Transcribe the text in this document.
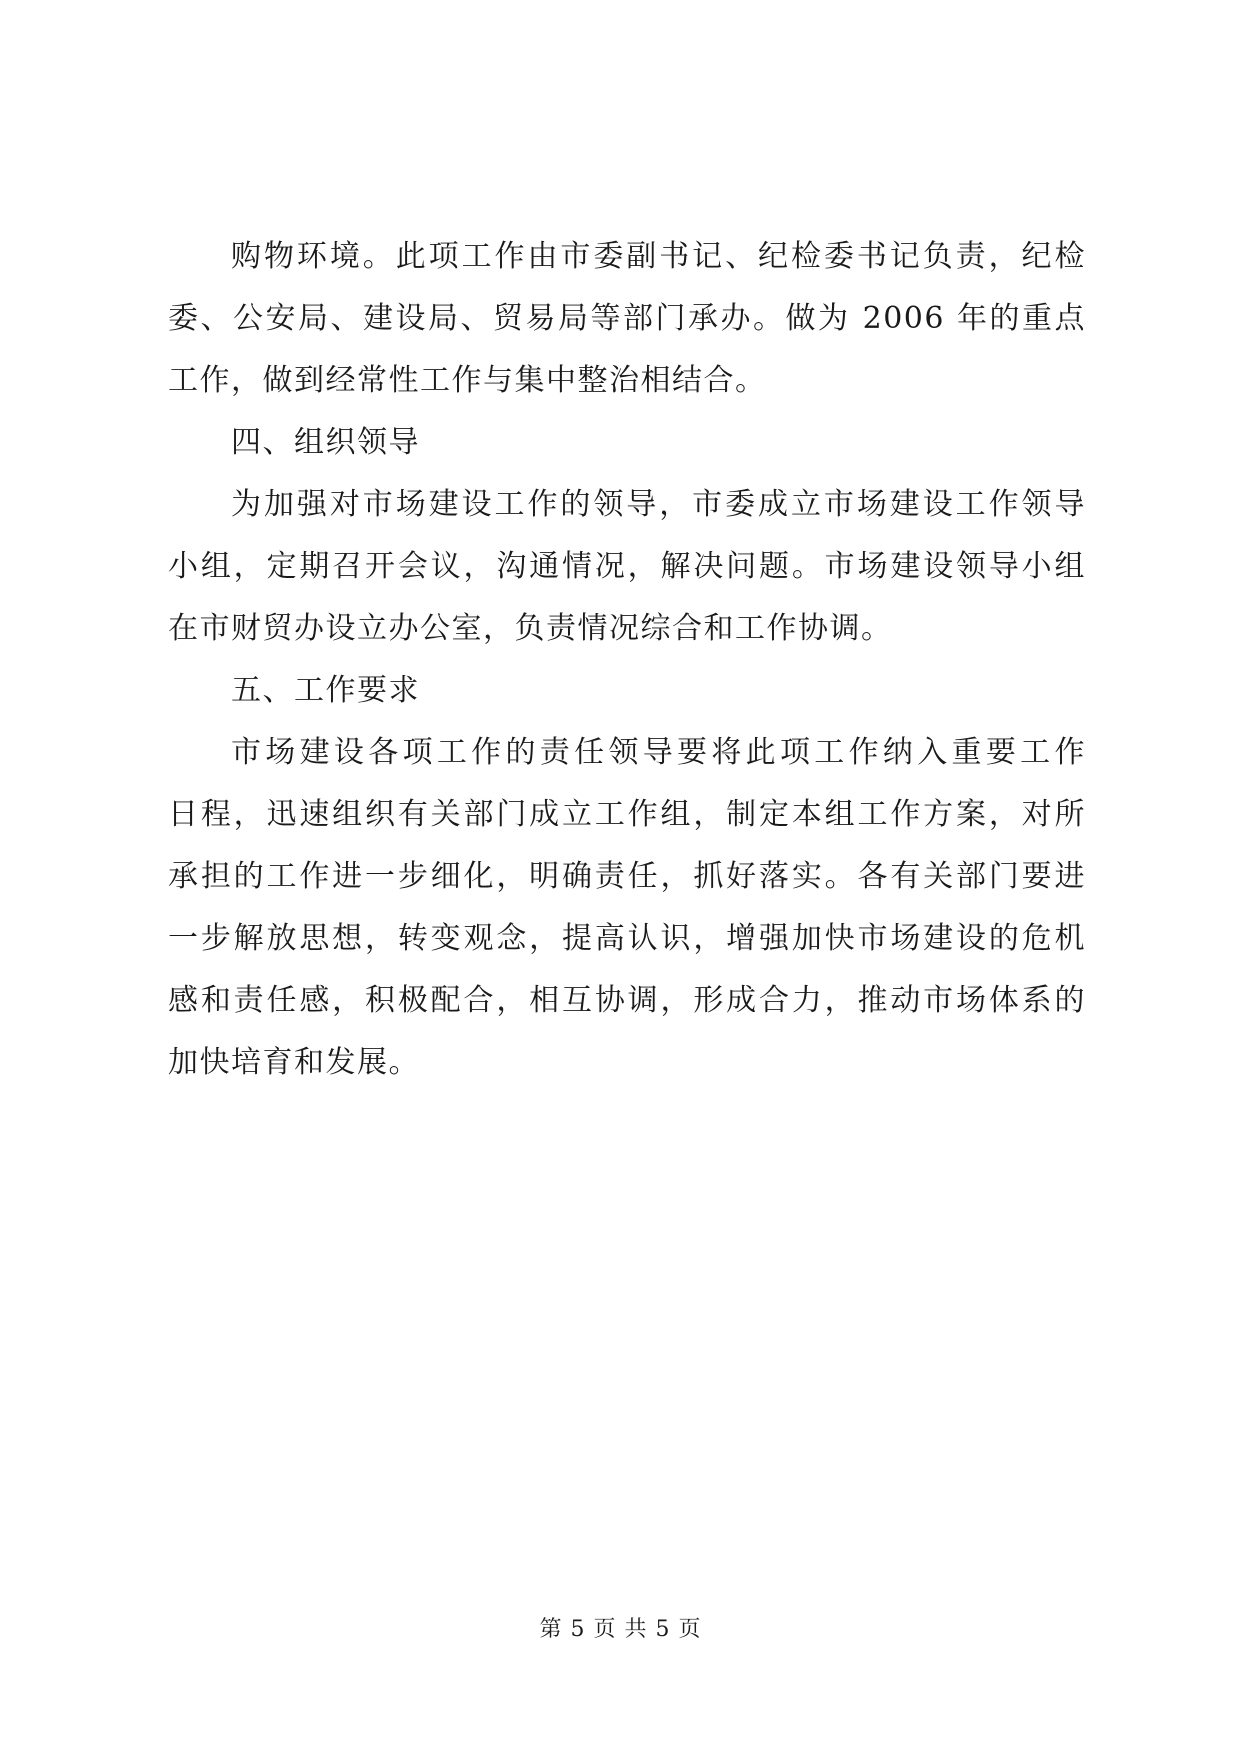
购物环境。此项工作由市委副书记、纪检委书记负责，纪检
委、公安局、建设局、贸易局等部门承办。做为 2006 年的重点
工作，做到经常性工作与集中整治相结合。
四、组织领导
为加强对市场建设工作的领导，市委成立市场建设工作领导
小组，定期召开会议，沟通情况，解决问题。市场建设领导小组
在市财贸办设立办公室，负责情况综合和工作协调。
五、工作要求
市场建设各项工作的责任领导要将此项工作纳入重要工作
日程，迅速组织有关部门成立工作组，制定本组工作方案，对所
承担的工作进一步细化，明确责任，抓好落实。各有关部门要进
一步解放思想，转变观念，提高认识，增强加快市场建设的危机
感和责任感，积极配合，相互协调，形成合力，推动市场体系的
加快培育和发展。
第 5 页 共 5 页
